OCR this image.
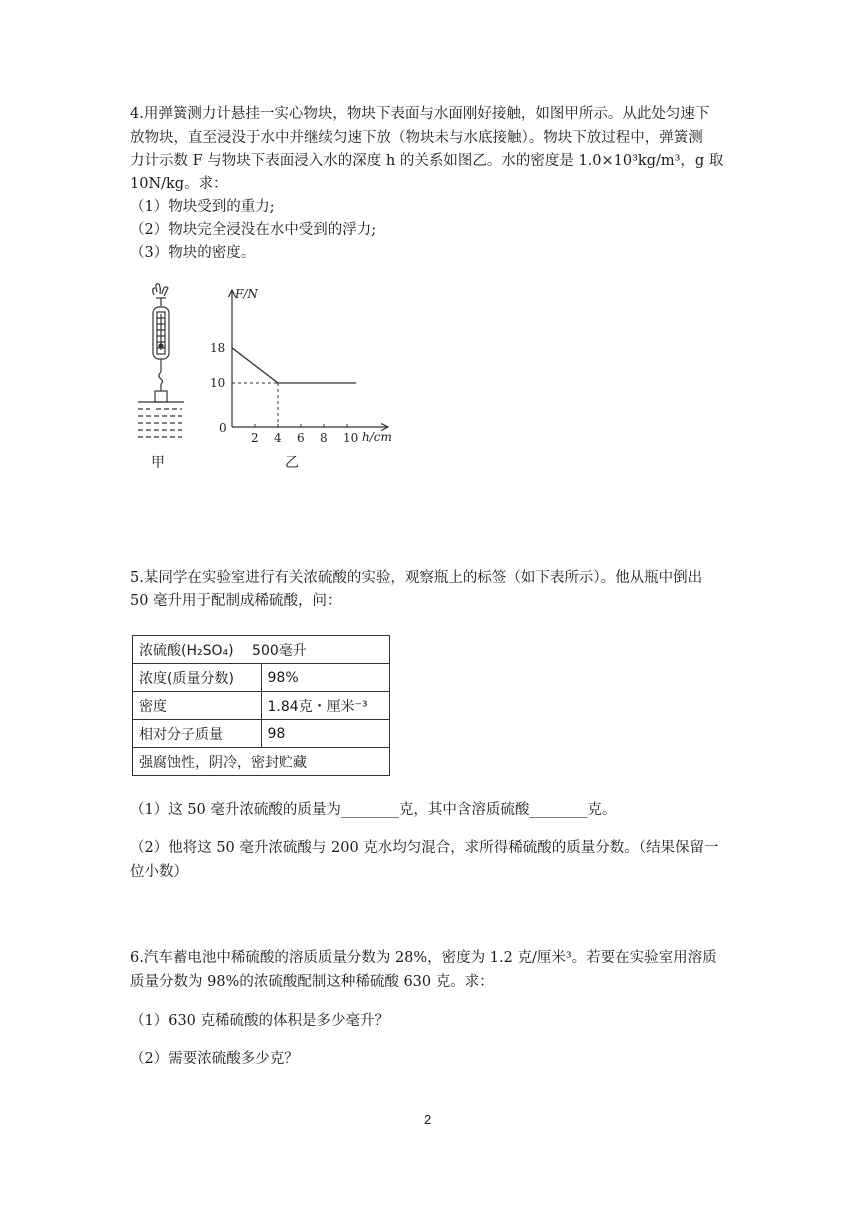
4.用弹簧测力计悬挂一实心物块，物块下表面与水面刚好接触，如图甲所示。从此处匀速下
放物块，直至浸没于水中并继续匀速下放（物块未与水底接触）。物块下放过程中，弹簧测
力计示数 F 与物块下表面浸入水的深度 h 的关系如图乙。水的密度是 1.0×10³kg/m³，g 取
10N/kg。求：
（1）物块受到的重力;
（2）物块完全浸没在水中受到的浮力;
（3）物块的密度。
甲
F/N
h/cm
0
18
10
2 4 6 8 10
乙
5.某同学在实验室进行有关浓硫酸的实验，观察瓶上的标签（如下表所示）。他从瓶中倒出
50 毫升用于配制成稀硫酸，问：
浓硫酸(H₂SO₄)　 500毫升	
浓度(质量分数)	98%
密度	1.84克・厘米⁻³
相对分子质量	98
强腐蚀性，阴冷，密封贮藏	
（1）这 50 毫升浓硫酸的质量为________克，其中含溶质硫酸________克。
（2）他将这 50 毫升浓硫酸与 200 克水均匀混合，求所得稀硫酸的质量分数。（结果保留一
位小数）
6.汽车蓄电池中稀硫酸的溶质质量分数为 28%，密度为 1.2 克/厘米³。若要在实验室用溶质
质量分数为 98%的浓硫酸配制这种稀硫酸 630 克。求：
（1）630 克稀硫酸的体积是多少毫升？
（2）需要浓硫酸多少克？
2
